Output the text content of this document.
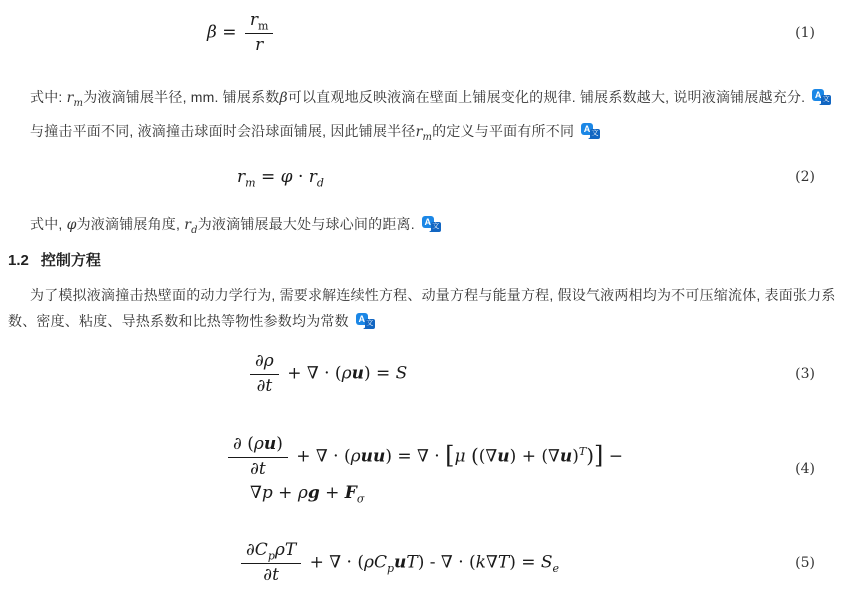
$\beta = \frac{r_m}{r}$	(1)

式中: $r_m$为液滴铺展半径, mm. 铺展系数β可以直观地反映液滴在壁面上铺展变化的规律. 铺展系数越大, 说明液滴铺展越充分. A 文

与撞击平面不同, 液滴撞击球面时会沿球面铺展, 因此铺展半径$r_m$的定义与平面有所不同 A 文

$r_m = \varphi \cdot r_d$	(2)

式中, φ为液滴铺展角度, $r_d$为液滴铺展最大处与球心间的距离. A 文

1.2 控制方程

为了模拟液滴撞击热壁面的动力学行为, 需要求解连续性方程、动量方程与能量方程, 假设气液两相均为不可压缩流体, 表面张力系数、密度、粘度、导热系数和比热等物性参数均为常数 A 文

$\frac{\partial\rho}{\partial t}$ + ∇ · (ρu) = S	(3)
$\frac{\partial (\rho u)}{\partial t}$ + ∇ · (ρuu) = ∇ · [μ $((\nabla u) + (\nabla u)^T)$] −
$\nabla p + \rho g + F_\sigma$
(4)
$\frac{\partial C_p\rho T}{\partial t}$ + ∇ · $(\rho C_puT)$ - ∇ · $(k\nabla T) = S_e$	(5)
